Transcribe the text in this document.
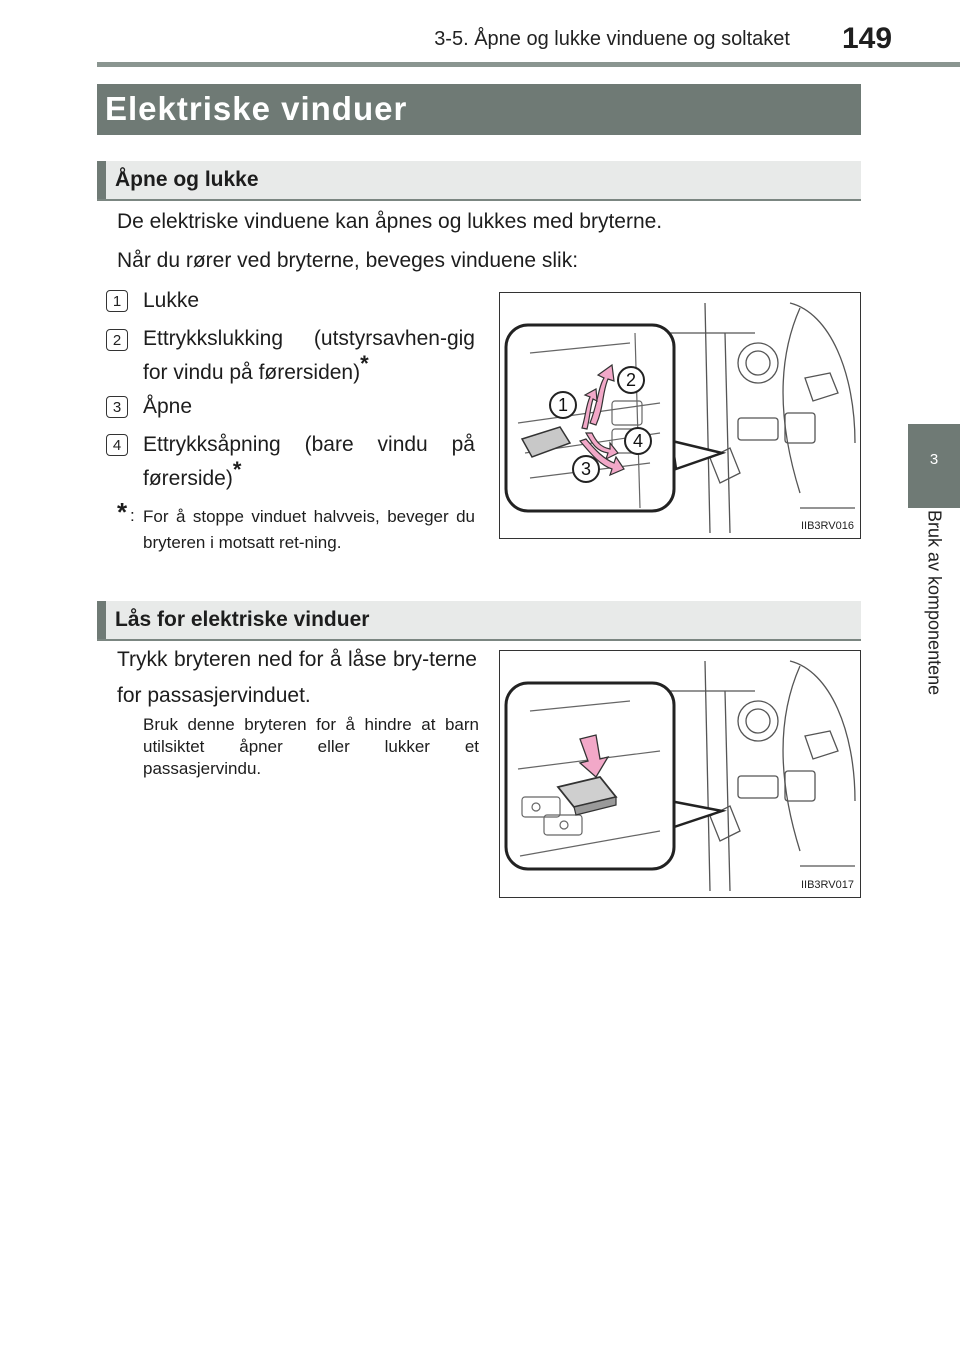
3-5. Åpne og lukke vinduene og soltaket 149
3
Bruk av komponentene
Elektriske vinduer
Åpne og lukke
De elektriske vinduene kan åpnes og lukkes med bryterne.
Når du rører ved bryterne, beveges vinduene slik:
1	Lukke
2	Ettrykkslukking (utstyrsavhen-gig for vindu på førersiden)*
3	Åpne
4	Ettrykksåpning (bare vindu på førerside)*
* : For å stoppe vinduet halvveis, beveger du bryteren i motsatt ret-ning.
1
2
3
4
IIB3RV016
Lås for elektriske vinduer
Trykk bryteren ned for å låse bry-terne for passasjervinduet.
Bruk denne bryteren for å hindre at barn utilsiktet åpner eller lukker et passasjervindu.
IIB3RV017
